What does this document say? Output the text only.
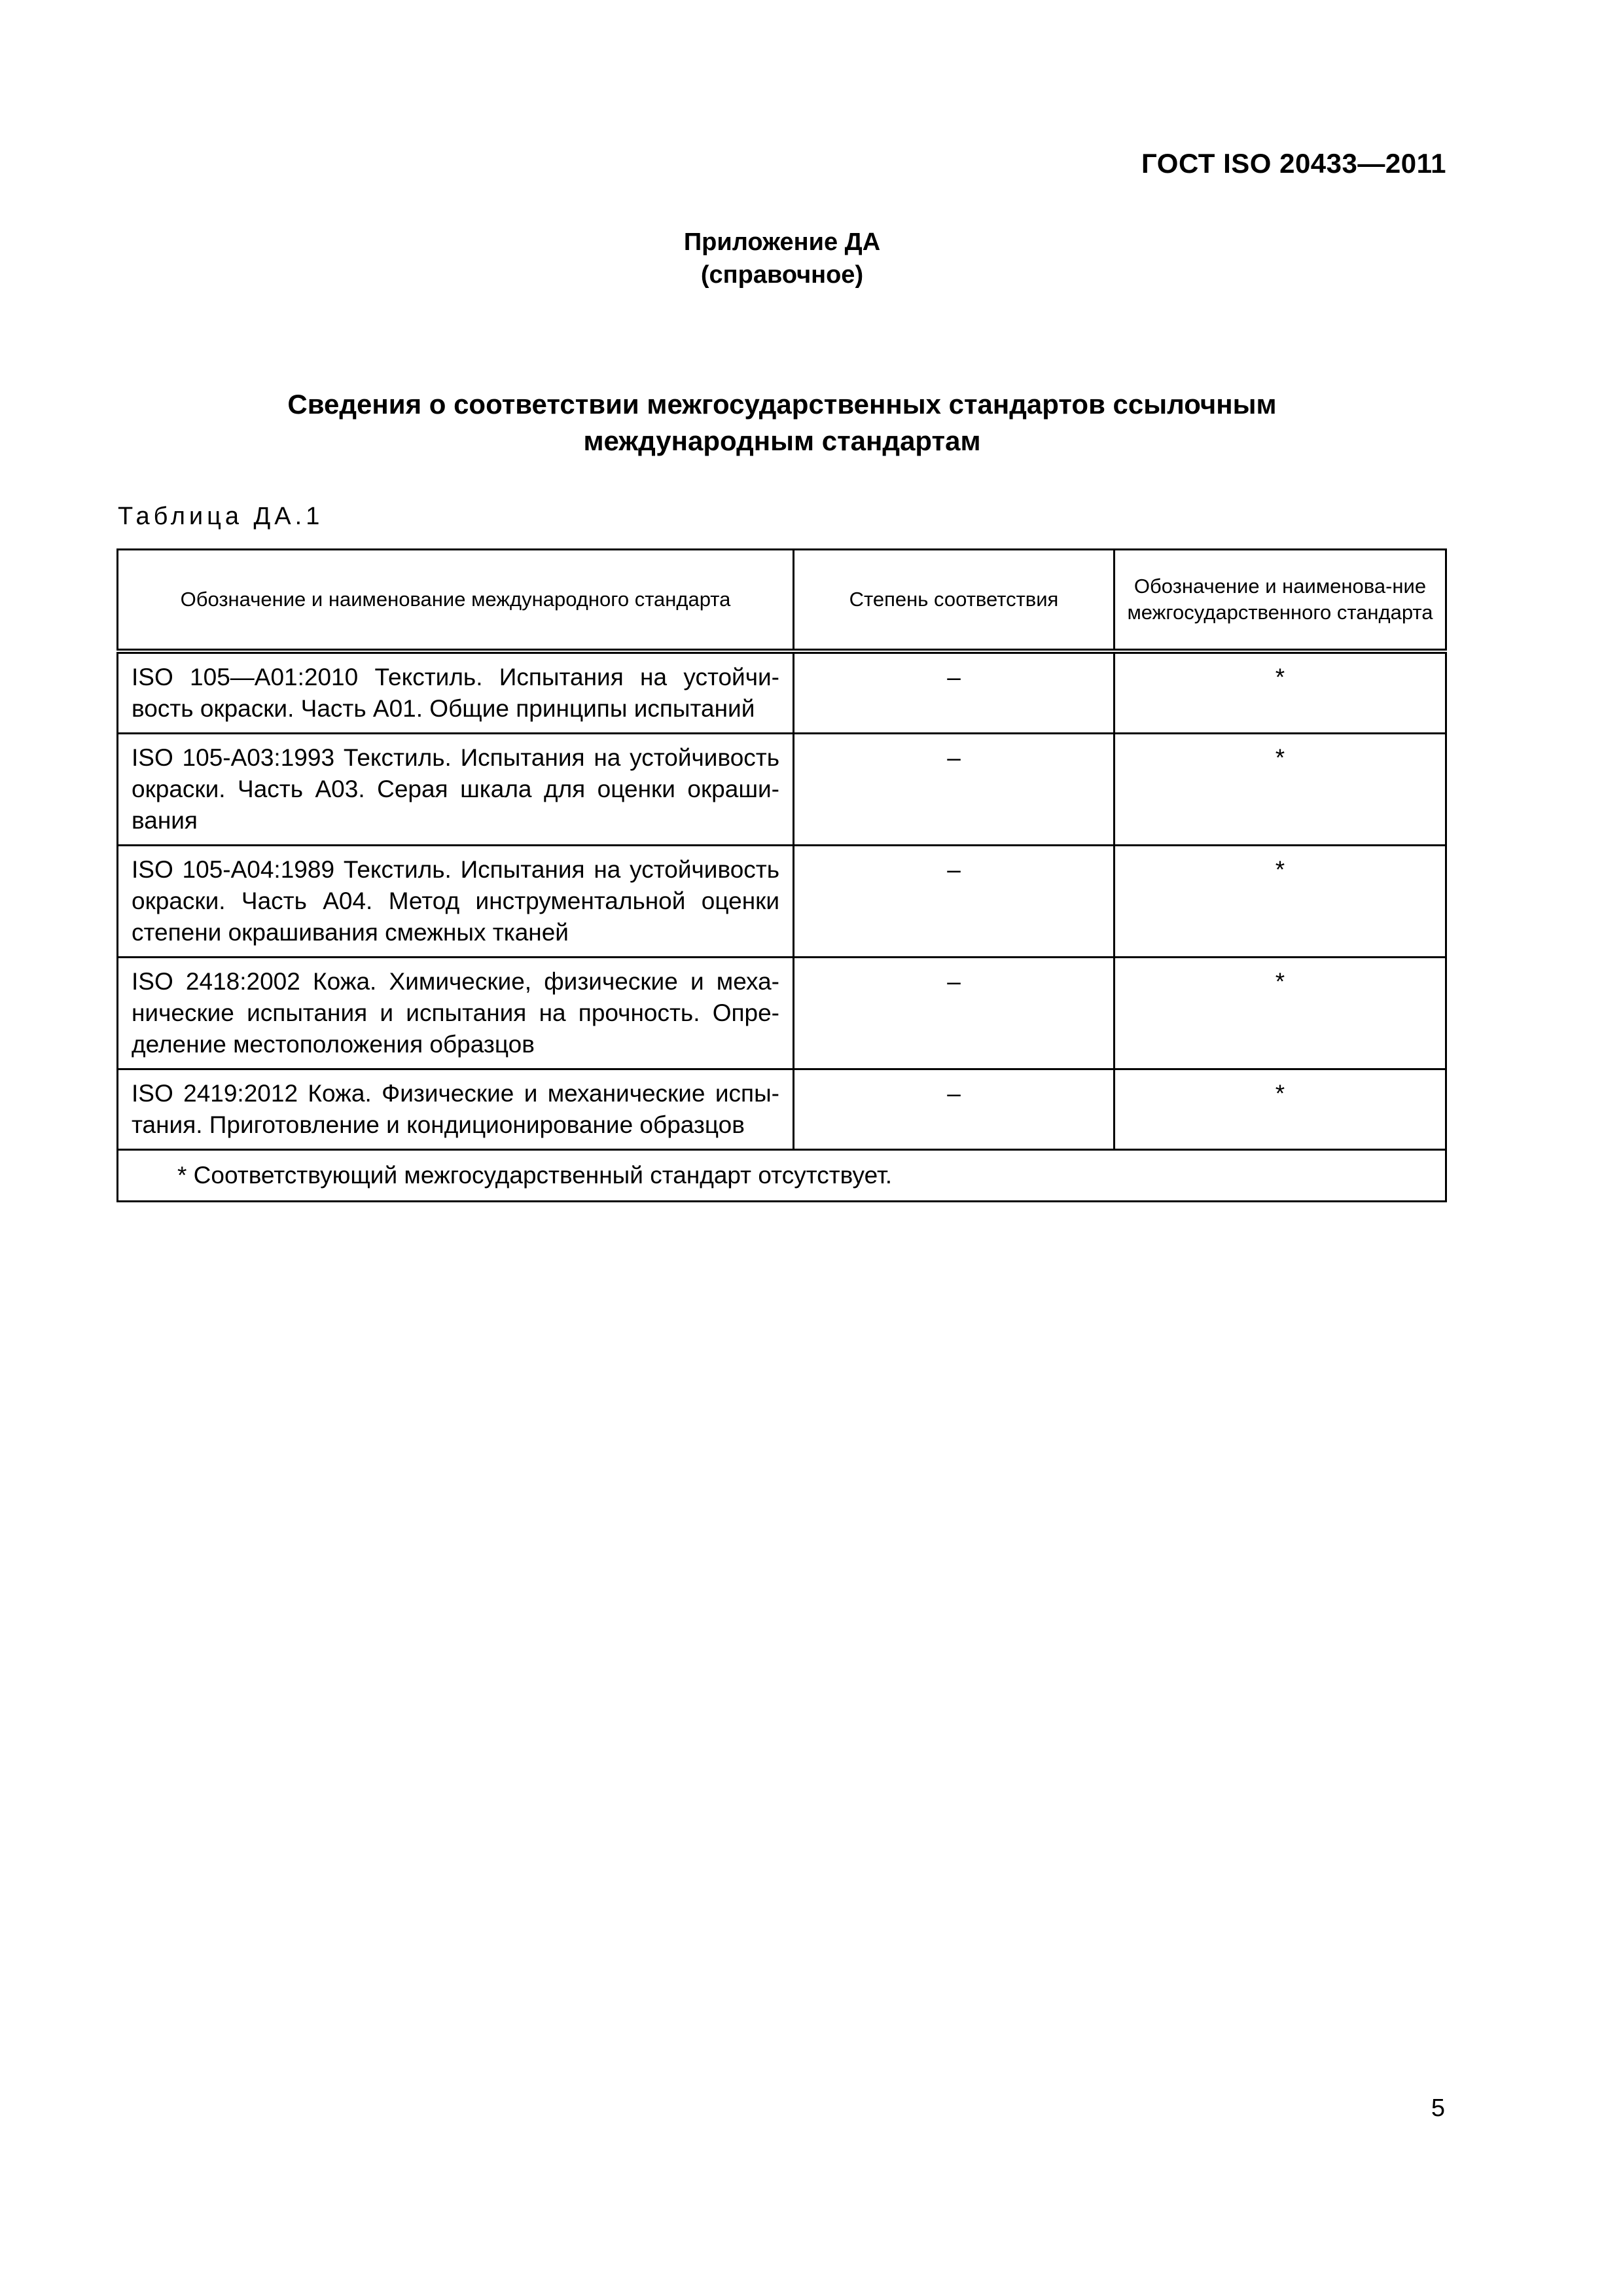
ГОСТ ISO 20433—2011
Приложение ДА
(справочное)
Сведения о соответствии межгосударственных стандартов ссылочным
международным стандартам
Таблица ДА.1
Обозначение и наименование международного стандарта	Степень соответствия	Обозначение и наименова-ние межгосударственного стандарта
ISO 105—A01:2010 Текстиль. Испытания на устойчи-вость окраски. Часть А01. Общие принципы испытаний	–	*
ISO 105-A03:1993 Текстиль. Испытания на устойчивость окраски. Часть А03. Серая шкала для оценки окраши-вания	–	*
ISO 105-A04:1989 Текстиль. Испытания на устойчивость окраски. Часть А04. Метод инструментальной оценки степени окрашивания смежных тканей	–	*
ISO 2418:2002 Кожа. Химические, физические и меха-нические испытания и испытания на прочность. Опре-деление местоположения образцов	–	*
ISO 2419:2012 Кожа. Физические и механические испы-тания. Приготовление и кондиционирование образцов	–	*
* Соответствующий межгосударственный стандарт отсутствует.		
5
